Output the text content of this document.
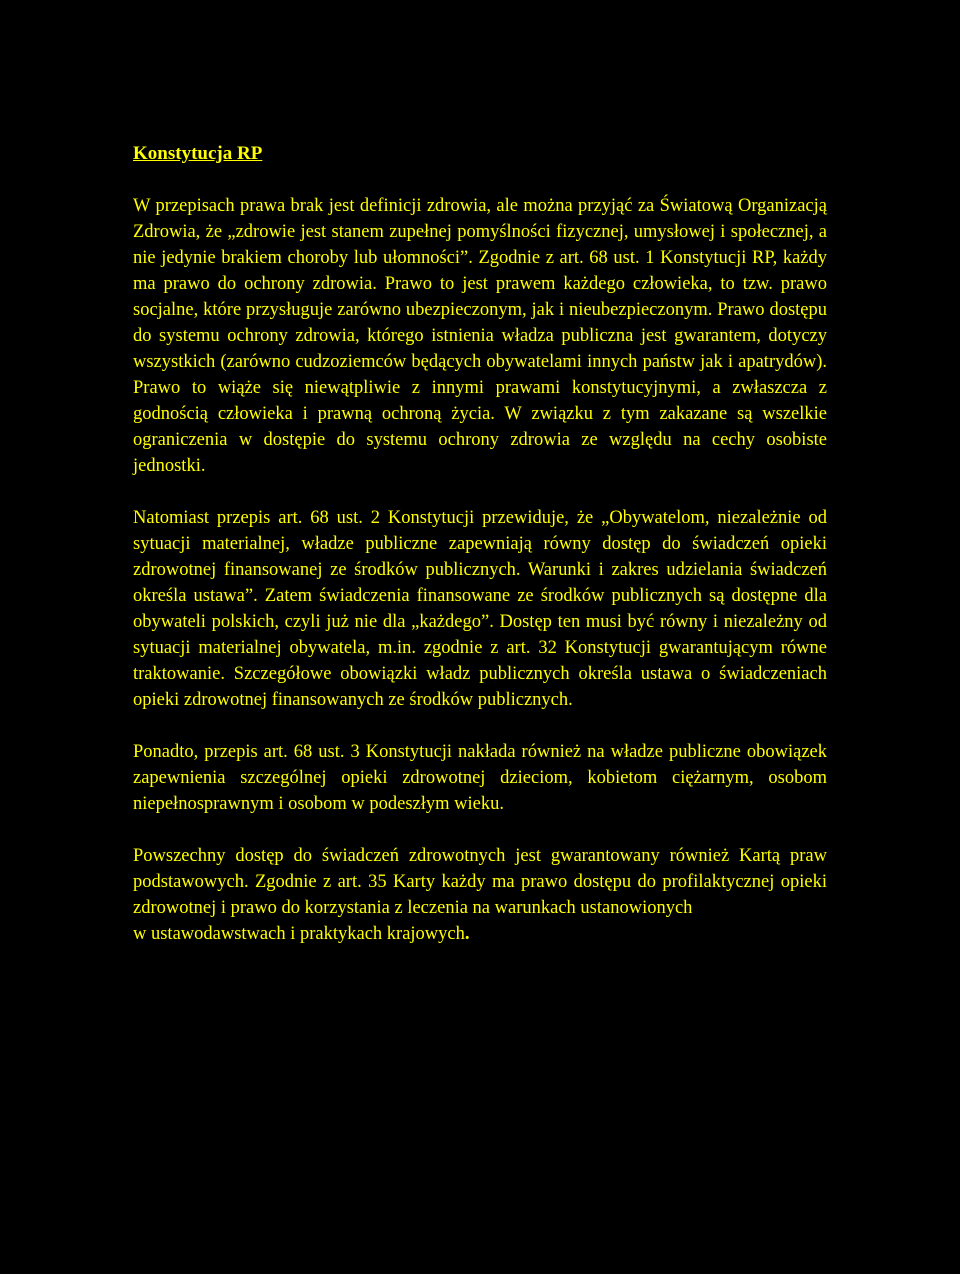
Konstytucja RP

W przepisach prawa brak jest definicji zdrowia, ale można przyjąć za Światową Organizacją Zdrowia, że „zdrowie jest stanem zupełnej pomyślności fizycznej, umysłowej i społecznej, a nie jedynie brakiem choroby lub ułomności”. Zgodnie z art. 68 ust. 1 Konstytucji RP, każdy ma prawo do ochrony zdrowia. Prawo to jest prawem każdego człowieka, to tzw. prawo socjalne, które przysługuje zarówno ubezpieczonym, jak i nieubezpieczonym. Prawo dostępu do systemu ochrony zdrowia, którego istnienia władza publiczna jest gwarantem, dotyczy wszystkich (zarówno cudzoziemców będących obywatelami innych państw jak i apatrydów). Prawo to wiąże się niewątpliwie z innymi prawami konstytucyjnymi, a zwłaszcza z godnością człowieka i prawną ochroną życia. W związku z tym zakazane są wszelkie ograniczenia w dostępie do systemu ochrony zdrowia ze względu na cechy osobiste jednostki.

Natomiast przepis art. 68 ust. 2 Konstytucji przewiduje, że „Obywatelom, niezależnie od sytuacji materialnej, władze publiczne zapewniają równy dostęp do świadczeń opieki zdrowotnej finansowanej ze środków publicznych. Warunki i zakres udzielania świadczeń określa ustawa”. Zatem świadczenia finansowane ze środków publicznych są dostępne dla obywateli polskich, czyli już nie dla „każdego”. Dostęp ten musi być równy i niezależny od sytuacji materialnej obywatela, m.in. zgodnie z art. 32 Konstytucji gwarantującym równe traktowanie. Szczegółowe obowiązki władz publicznych określa ustawa o świadczeniach opieki zdrowotnej finansowanych ze środków publicznych.

Ponadto, przepis art. 68 ust. 3 Konstytucji nakłada również na władze publiczne obowiązek zapewnienia szczególnej opieki zdrowotnej dzieciom, kobietom ciężarnym, osobom niepełnosprawnym i osobom w podeszłym wieku.

Powszechny dostęp do świadczeń zdrowotnych jest gwarantowany również Kartą praw podstawowych. Zgodnie z art. 35 Karty każdy ma prawo dostępu do profilaktycznej opieki zdrowotnej i prawo do korzystania z leczenia na warunkach ustanowionych
w ustawodawstwach i praktykach krajowych.
